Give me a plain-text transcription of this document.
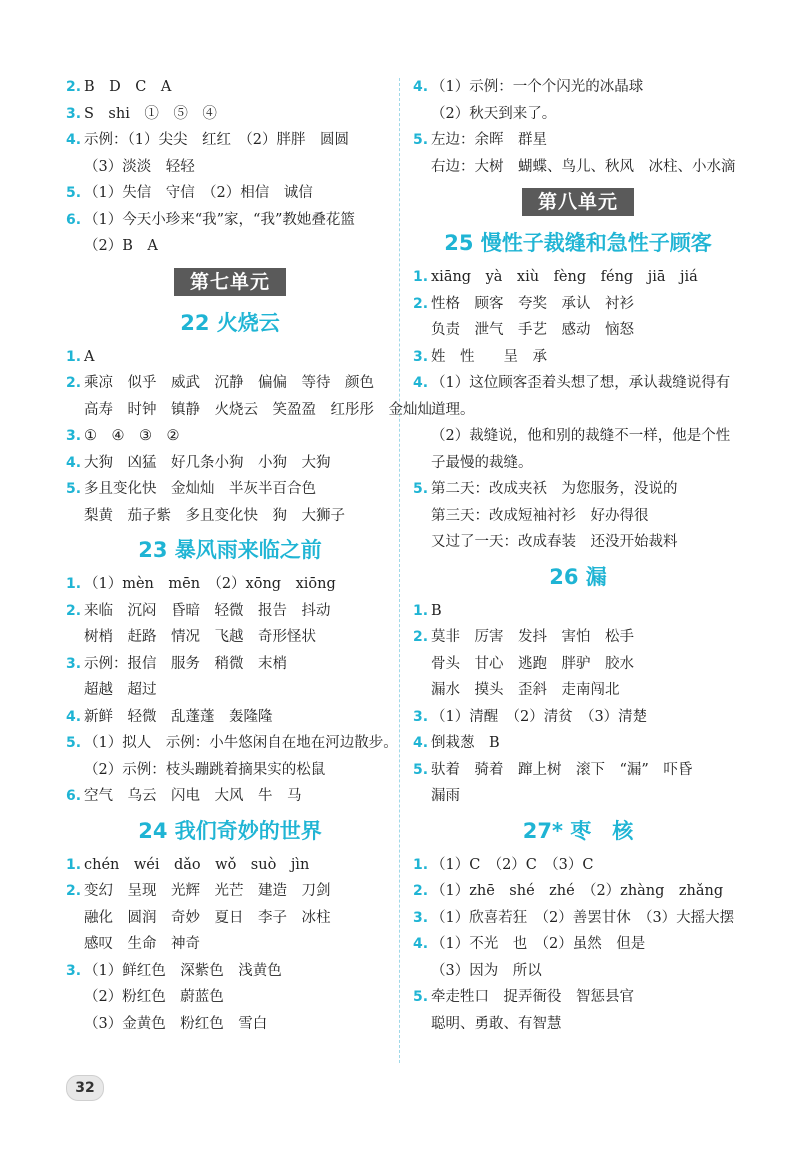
2. B　D　C　A
3. S　shi　①　⑤　④
4. 示例：（1）尖尖　红红　（2）胖胖　圆圆
（3）淡淡　轻轻
5. （1）失信　守信　（2）相信　诚信
6. （1）今天小珍来“我”家，“我”教她叠花篮
（2）B　A
第七单元
22 火烧云
1. A
2. 乘凉　似乎　威武　沉静　偏偏　等待　颜色
高寿　时钟　镇静　火烧云　笑盈盈　红彤彤　金灿灿
3. ①　④　③　②
4. 大狗　凶猛　好几条小狗　小狗　大狗
5. 多且变化快　金灿灿　半灰半百合色
梨黄　茄子紫　多且变化快　狗　大狮子
23 暴风雨来临之前
1. （1）mèn　mēn　（2）xōng　xiōng
2. 来临　沉闷　昏暗　轻微　报告　抖动
树梢　赶路　情况　飞越　奇形怪状
3. 示例：报信　服务　稍微　末梢
超越　超过
4. 新鲜　轻微　乱蓬蓬　轰隆隆
5. （1）拟人　示例：小牛悠闲自在地在河边散步。
（2）示例：枝头蹦跳着摘果实的松鼠
6. 空气　乌云　闪电　大风　牛　马
24 我们奇妙的世界
1. chén　wéi　dǎo　wǒ　suò　jìn
2. 变幻　呈现　光辉　光芒　建造　刀剑
融化　圆润　奇妙　夏日　李子　冰柱
感叹　生命　神奇
3. （1）鲜红色　深紫色　浅黄色
（2）粉红色　蔚蓝色
（3）金黄色　粉红色　雪白
4. （1）示例：一个个闪光的冰晶球
（2）秋天到来了。
5. 左边：余晖　群星
右边：大树　蝴蝶、鸟儿、秋风　冰柱、小水滴
第八单元
25 慢性子裁缝和急性子顾客
1. xiāng　yà　xiù　fèng　féng　jiā　jiá
2. 性格　顾客　夸奖　承认　衬衫
负责　泄气　手艺　感动　恼怒
3. 姓　性　　呈　承
4. （1）这位顾客歪着头想了想，承认裁缝说得有
道理。
（2）裁缝说，他和别的裁缝不一样，他是个性
子最慢的裁缝。
5. 第二天：改成夹袄　为您服务，没说的
第三天：改成短袖衬衫　好办得很
又过了一天：改成春装　还没开始裁料
26 漏
1. B
2. 莫非　厉害　发抖　害怕　松手
骨头　甘心　逃跑　胖驴　胶水
漏水　摸头　歪斜　走南闯北
3. （1）清醒　（2）清贫　（3）清楚
4. 倒栽葱　B
5. 驮着　骑着　蹿上树　滚下　“漏”　吓昏
漏雨
27* 枣　核
1. （1）C　（2）C　（3）C
2. （1）zhē　shé　zhé　（2）zhàng　zhǎng
3. （1）欣喜若狂　（2）善罢甘休　（3）大摇大摆
4. （1）不光　也　（2）虽然　但是
（3）因为　所以
5. 牵走牲口　捉弄衙役　智惩县官
聪明、勇敢、有智慧
32
